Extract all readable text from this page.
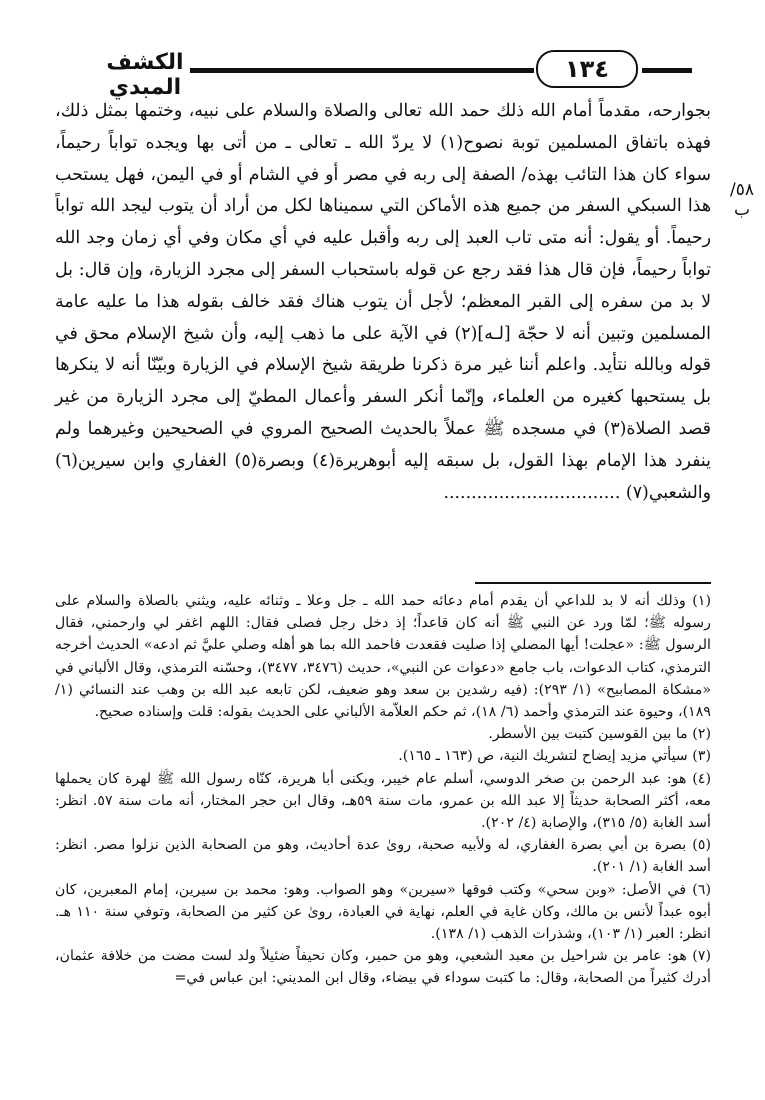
الكشف المبدي
١٣٤
٥٨/ب

بجوارحه، مقدماً أمام الله ذلك حمد الله تعالى والصلاة والسلام على نبيه، وختمها بمثل ذلك، فهذه باتفاق المسلمين توبة نصوح(١) لا يردّ الله ـ تعالى ـ من أتى بها ويجده تواباً رحيماً، سواء كان هذا التائب بهذه/ الصفة إلى ربه في مصر أو في الشام أو في اليمن، فهل يستحب هذا السبكي السفر من جميع هذه الأماكن التي سميناها لكل من أراد أن يتوب ليجد الله تواباً رحيماً. أو يقول: أنه متى تاب العبد إلى ربه وأقبل عليه في أي مكان وفي أي زمان وجد الله تواباً رحيماً، فإن قال هذا فقد رجع عن قوله باستحباب السفر إلى مجرد الزيارة، وإن قال: بل لا بد من سفره إلى القبر المعظم؛ لأجل أن يتوب هناك فقد خالف بقوله هذا ما عليه عامة المسلمين وتبين أنه لا حجّة [لـه](٢) في الآية على ما ذهب إليه، وأن شيخ الإسلام محق في قوله وبالله نتأيد. واعلم أننا غير مرة ذكرنا طريقة شيخ الإسلام في الزيارة وبيّنّا أنه لا ينكرها بل يستحبها كغيره من العلماء، وإنّما أنكر السفر وأعمال المطيّ إلى مجرد الزيارة من غير قصد الصلاة(٣) في مسجده ﷺ عملاً بالحديث الصحيح المروي في الصحيحين وغيرهما ولم ينفرد هذا الإمام بهذا القول، بل سبقه إليه أبوهريرة(٤) وبصرة(٥) الغفاري وابن سيرين(٦) والشعبي(٧) ................................

(١) وذلك أنه لا بد للداعي أن يقدم أمام دعائه حمد الله ـ جل وعلا ـ وثنائه عليه، ويثني بالصلاة والسلام على رسوله ﷺ؛ لمّا ورد عن النبي ﷺ أنه كان قاعداً؛ إذ دخل رجل فصلى فقال: اللهم اغفر لي وارحمني، فقال الرسول ﷺ: «عجلت! أيها المصلي إذا صليت فقعدت فاحمد الله بما هو أهله وصلي عليَّ ثم ادعه» الحديث أخرجه الترمذي، كتاب الدعوات، باب جامع «دعوات عن النبي»، حديث (٣٤٧٦، ٣٤٧٧)، وحسّنه الترمذي، وقال الألباني في «مشكاة المصابيح» (١/ ٢٩٣): (فيه رشدين بن سعد وهو ضعيف، لكن تابعه عبد الله بن وهب عند النسائي (١/ ١٨٩)، وحيوة عند الترمذي وأحمد (٦/ ١٨)، ثم حكم العلاّمة الألباني على الحديث بقوله: قلت وإسناده صحيح.
(٢) ما بين القوسين كتبت بين الأسطر.
(٣) سيأتي مزيد إيضاح لتشريك النية، ص (١٦٣ ـ ١٦٥).
(٤) هو: عبد الرحمن بن صخر الدوسي، أسلم عام خيبر، ويكنى أبا هريرة، كنّاه رسول الله ﷺ لهرة كان يحملها معه، أكثر الصحابة حديثاً إلا عبد الله بن عمرو، مات سنة ٥٩هـ، وقال ابن حجر المختار، أنه مات سنة ٥٧. انظر: أسد الغابة (٥/ ٣١٥)، والإصابة (٤/ ٢٠٢).
(٥) بصرة بن أبي بصرة الغفاري، له ولأبيه صحبة، روىٰ عدة أحاديث، وهو من الصحابة الذين نزلوا مصر. انظر: أسد الغابة (١/ ٢٠١).
(٦) في الأصل: «وبن سحي» وكتب فوقها «سيرين» وهو الصواب. وهو: محمد بن سيرين، إمام المعبرين، كان أبوه عبداً لأنس بن مالك، وكان غاية في العلم، نهاية في العبادة، روىٰ عن كثير من الصحابة، وتوفي سنة ١١٠ هـ. انظر: العبر (١/ ١٠٣)، وشذرات الذهب (١/ ١٣٨).
(٧) هو: عامر بن شراحيل بن معبد الشعبي، وهو من حمير، وكان نحيفاً ضئيلاً ولد لست مضت من خلافة عثمان، أدرك كثيراً من الصحابة، وقال: ما كتبت سوداء في بيضاء، وقال ابن المديني: ابن عباس في=
